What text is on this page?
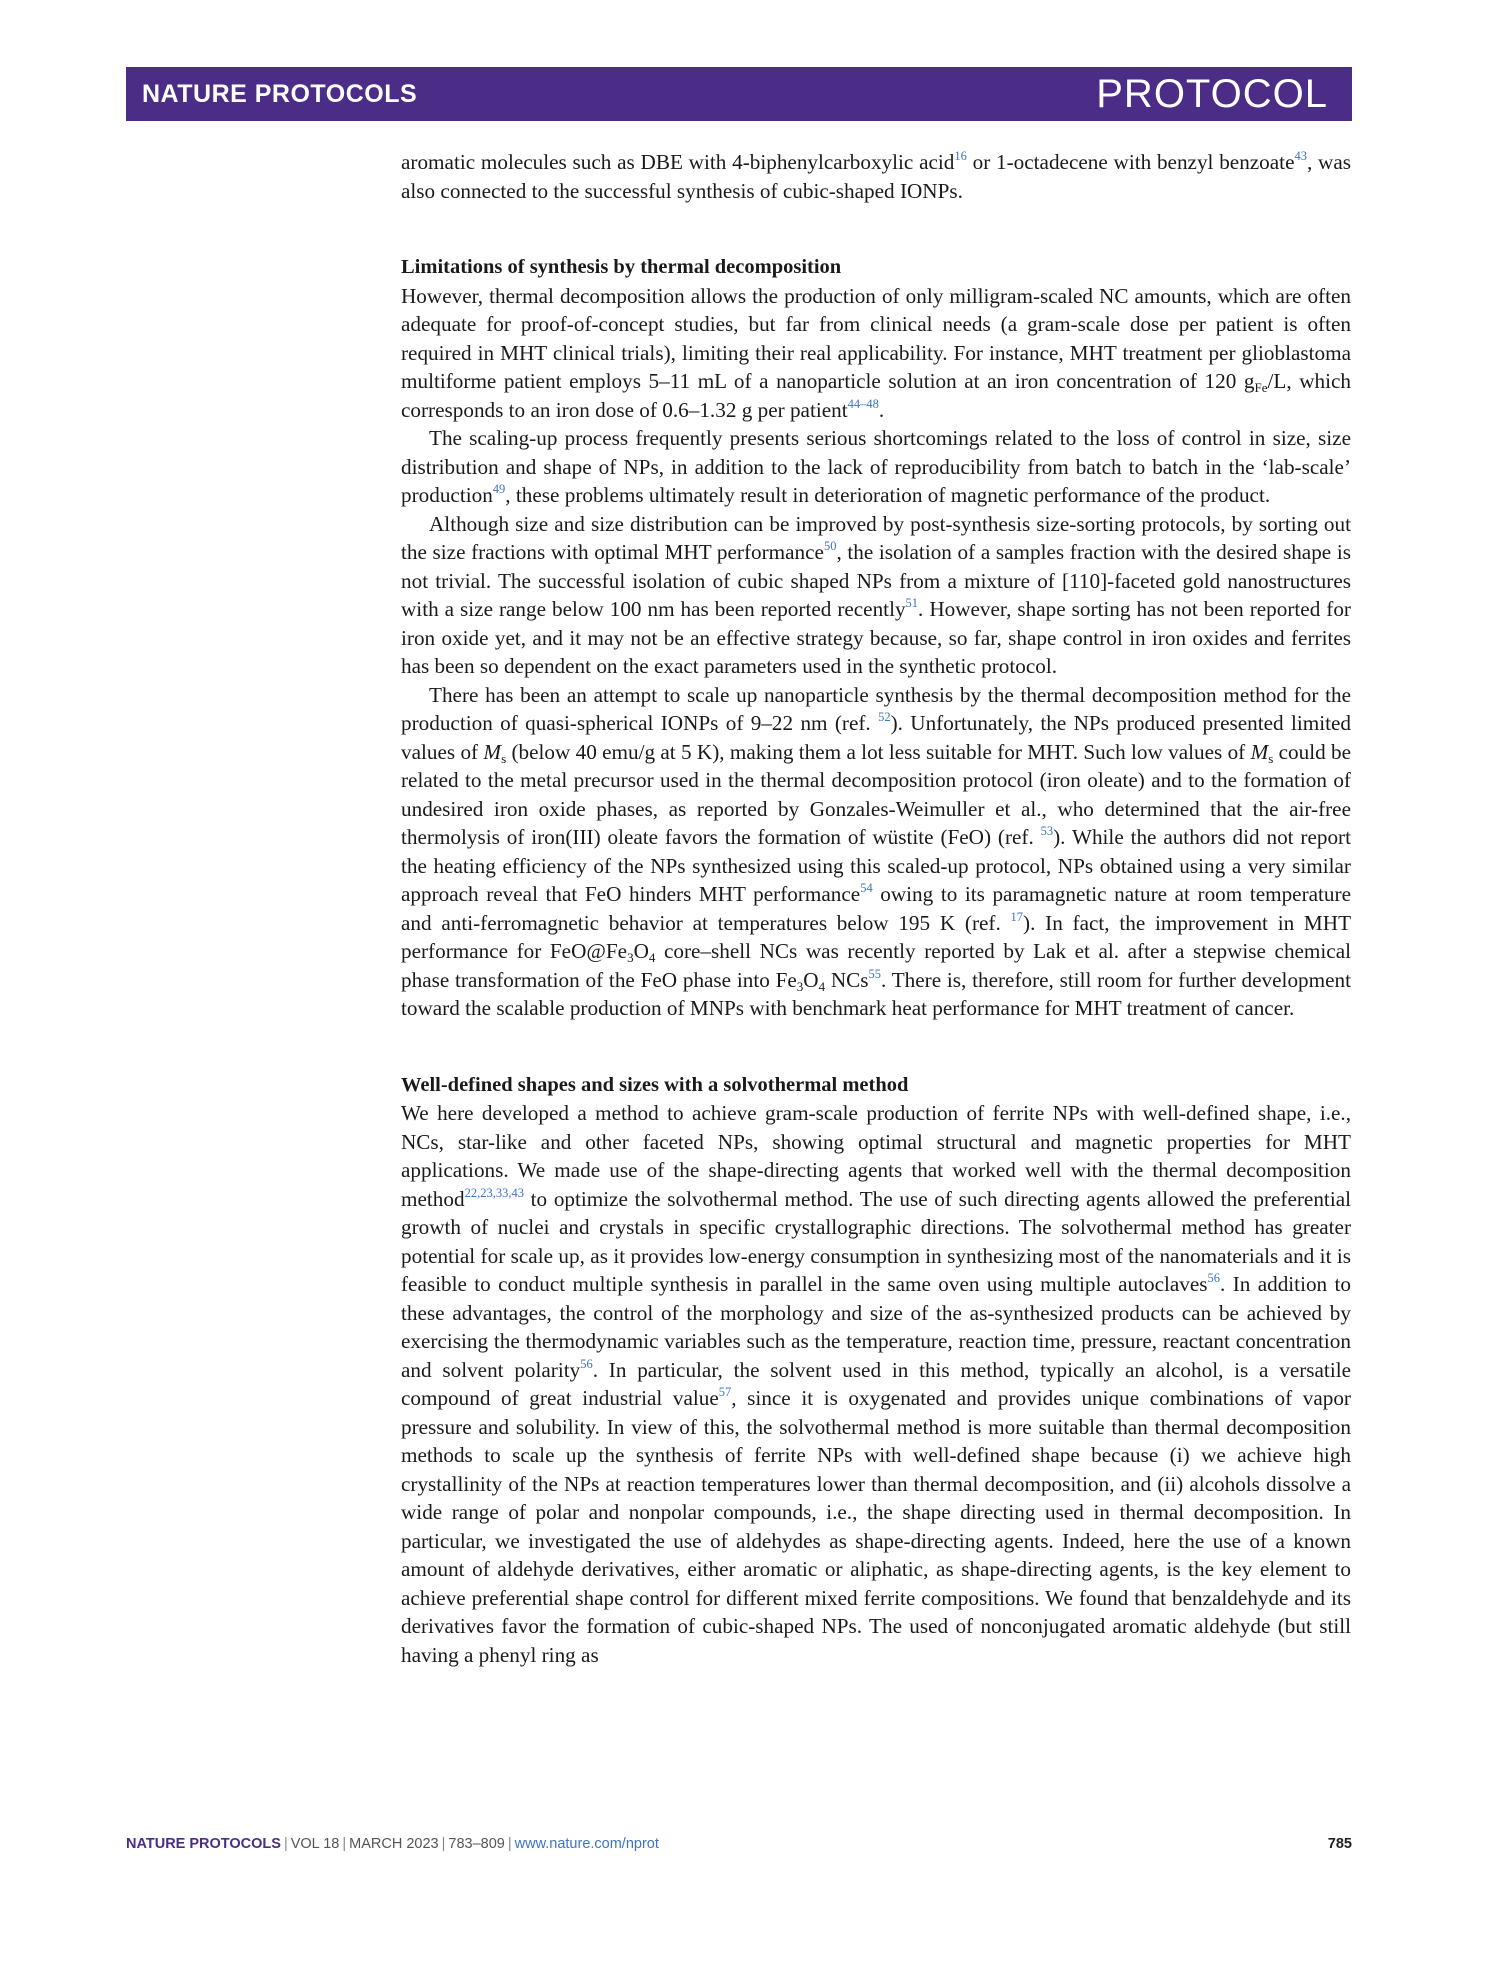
NATURE PROTOCOLS	PROTOCOL

aromatic molecules such as DBE with 4-biphenylcarboxylic acid$^{16}$ or 1-octadecene with benzyl benzoate$^{43}$, was also connected to the successful synthesis of cubic-shaped IONPs.

Limitations of synthesis by thermal decomposition

However, thermal decomposition allows the production of only milligram-scaled NC amounts, which are often adequate for proof-of-concept studies, but far from clinical needs (a gram-scale dose per patient is often required in MHT clinical trials), limiting their real applicability. For instance, MHT treatment per glioblastoma multiforme patient employs 5–11 mL of a nanoparticle solution at an iron concentration of 120 $g_{Fe}/L$, which corresponds to an iron dose of 0.6–1.32 g per patient$^{44-48}$.

The scaling-up process frequently presents serious shortcomings related to the loss of control in size, size distribution and shape of NPs, in addition to the lack of reproducibility from batch to batch in the ‘lab-scale’ production$^{49}$, these problems ultimately result in deterioration of magnetic performance of the product.

Although size and size distribution can be improved by post-synthesis size-sorting protocols, by sorting out the size fractions with optimal MHT performance$^{50}$, the isolation of a samples fraction with the desired shape is not trivial. The successful isolation of cubic shaped NPs from a mixture of [110]-faceted gold nanostructures with a size range below 100 nm has been reported recently$^{51}$. However, shape sorting has not been reported for iron oxide yet, and it may not be an effective strategy because, so far, shape control in iron oxides and ferrites has been so dependent on the exact parameters used in the synthetic protocol.

There has been an attempt to scale up nanoparticle synthesis by the thermal decomposition method for the production of quasi-spherical IONPs of 9–22 nm (ref. $^{52}$). Unfortunately, the NPs produced presented limited values of $M_s$ (below 40 emu/g at 5 K), making them a lot less suitable for MHT. Such low values of $M_s$ could be related to the metal precursor used in the thermal decomposition protocol (iron oleate) and to the formation of undesired iron oxide phases, as reported by Gonzales-Weimuller et al., who determined that the air-free thermolysis of iron(III) oleate favors the formation of wüstite (FeO) (ref. $^{53}$). While the authors did not report the heating efficiency of the NPs synthesized using this scaled-up protocol, NPs obtained using a very similar approach reveal that FeO hinders MHT performance$^{54}$ owing to its paramagnetic nature at room temperature and anti-ferromagnetic behavior at temperatures below 195 K (ref. $^{17}$). In fact, the improvement in MHT performance for $FeO@Fe_3O_4$ core–shell NCs was recently reported by Lak et al. after a stepwise chemical phase transformation of the FeO phase into $Fe_3O_4$ NCs$^{55}$. There is, therefore, still room for further development toward the scalable production of MNPs with benchmark heat performance for MHT treatment of cancer.

Well-defined shapes and sizes with a solvothermal method

We here developed a method to achieve gram-scale production of ferrite NPs with well-defined shape, i.e., NCs, star-like and other faceted NPs, showing optimal structural and magnetic properties for MHT applications. We made use of the shape-directing agents that worked well with the thermal decomposition method$^{22,23,33,43}$ to optimize the solvothermal method. The use of such directing agents allowed the preferential growth of nuclei and crystals in specific crystallographic directions. The solvothermal method has greater potential for scale up, as it provides low-energy consumption in synthesizing most of the nanomaterials and it is feasible to conduct multiple synthesis in parallel in the same oven using multiple autoclaves$^{56}$. In addition to these advantages, the control of the morphology and size of the as-synthesized products can be achieved by exercising the thermodynamic variables such as the temperature, reaction time, pressure, reactant concentration and solvent polarity$^{56}$. In particular, the solvent used in this method, typically an alcohol, is a versatile compound of great industrial value$^{57}$, since it is oxygenated and provides unique combinations of vapor pressure and solubility. In view of this, the solvothermal method is more suitable than thermal decomposition methods to scale up the synthesis of ferrite NPs with well-defined shape because (i) we achieve high crystallinity of the NPs at reaction temperatures lower than thermal decomposition, and (ii) alcohols dissolve a wide range of polar and nonpolar compounds, i.e., the shape directing used in thermal decomposition. In particular, we investigated the use of aldehydes as shape-directing agents. Indeed, here the use of a known amount of aldehyde derivatives, either aromatic or aliphatic, as shape-directing agents, is the key element to achieve preferential shape control for different mixed ferrite compositions. We found that benzaldehyde and its derivatives favor the formation of cubic-shaped NPs. The used of nonconjugated aromatic aldehyde (but still having a phenyl ring as

NATURE PROTOCOLS | VOL 18 | MARCH 2023 | 783–809 | www.nature.com/nprot	785
